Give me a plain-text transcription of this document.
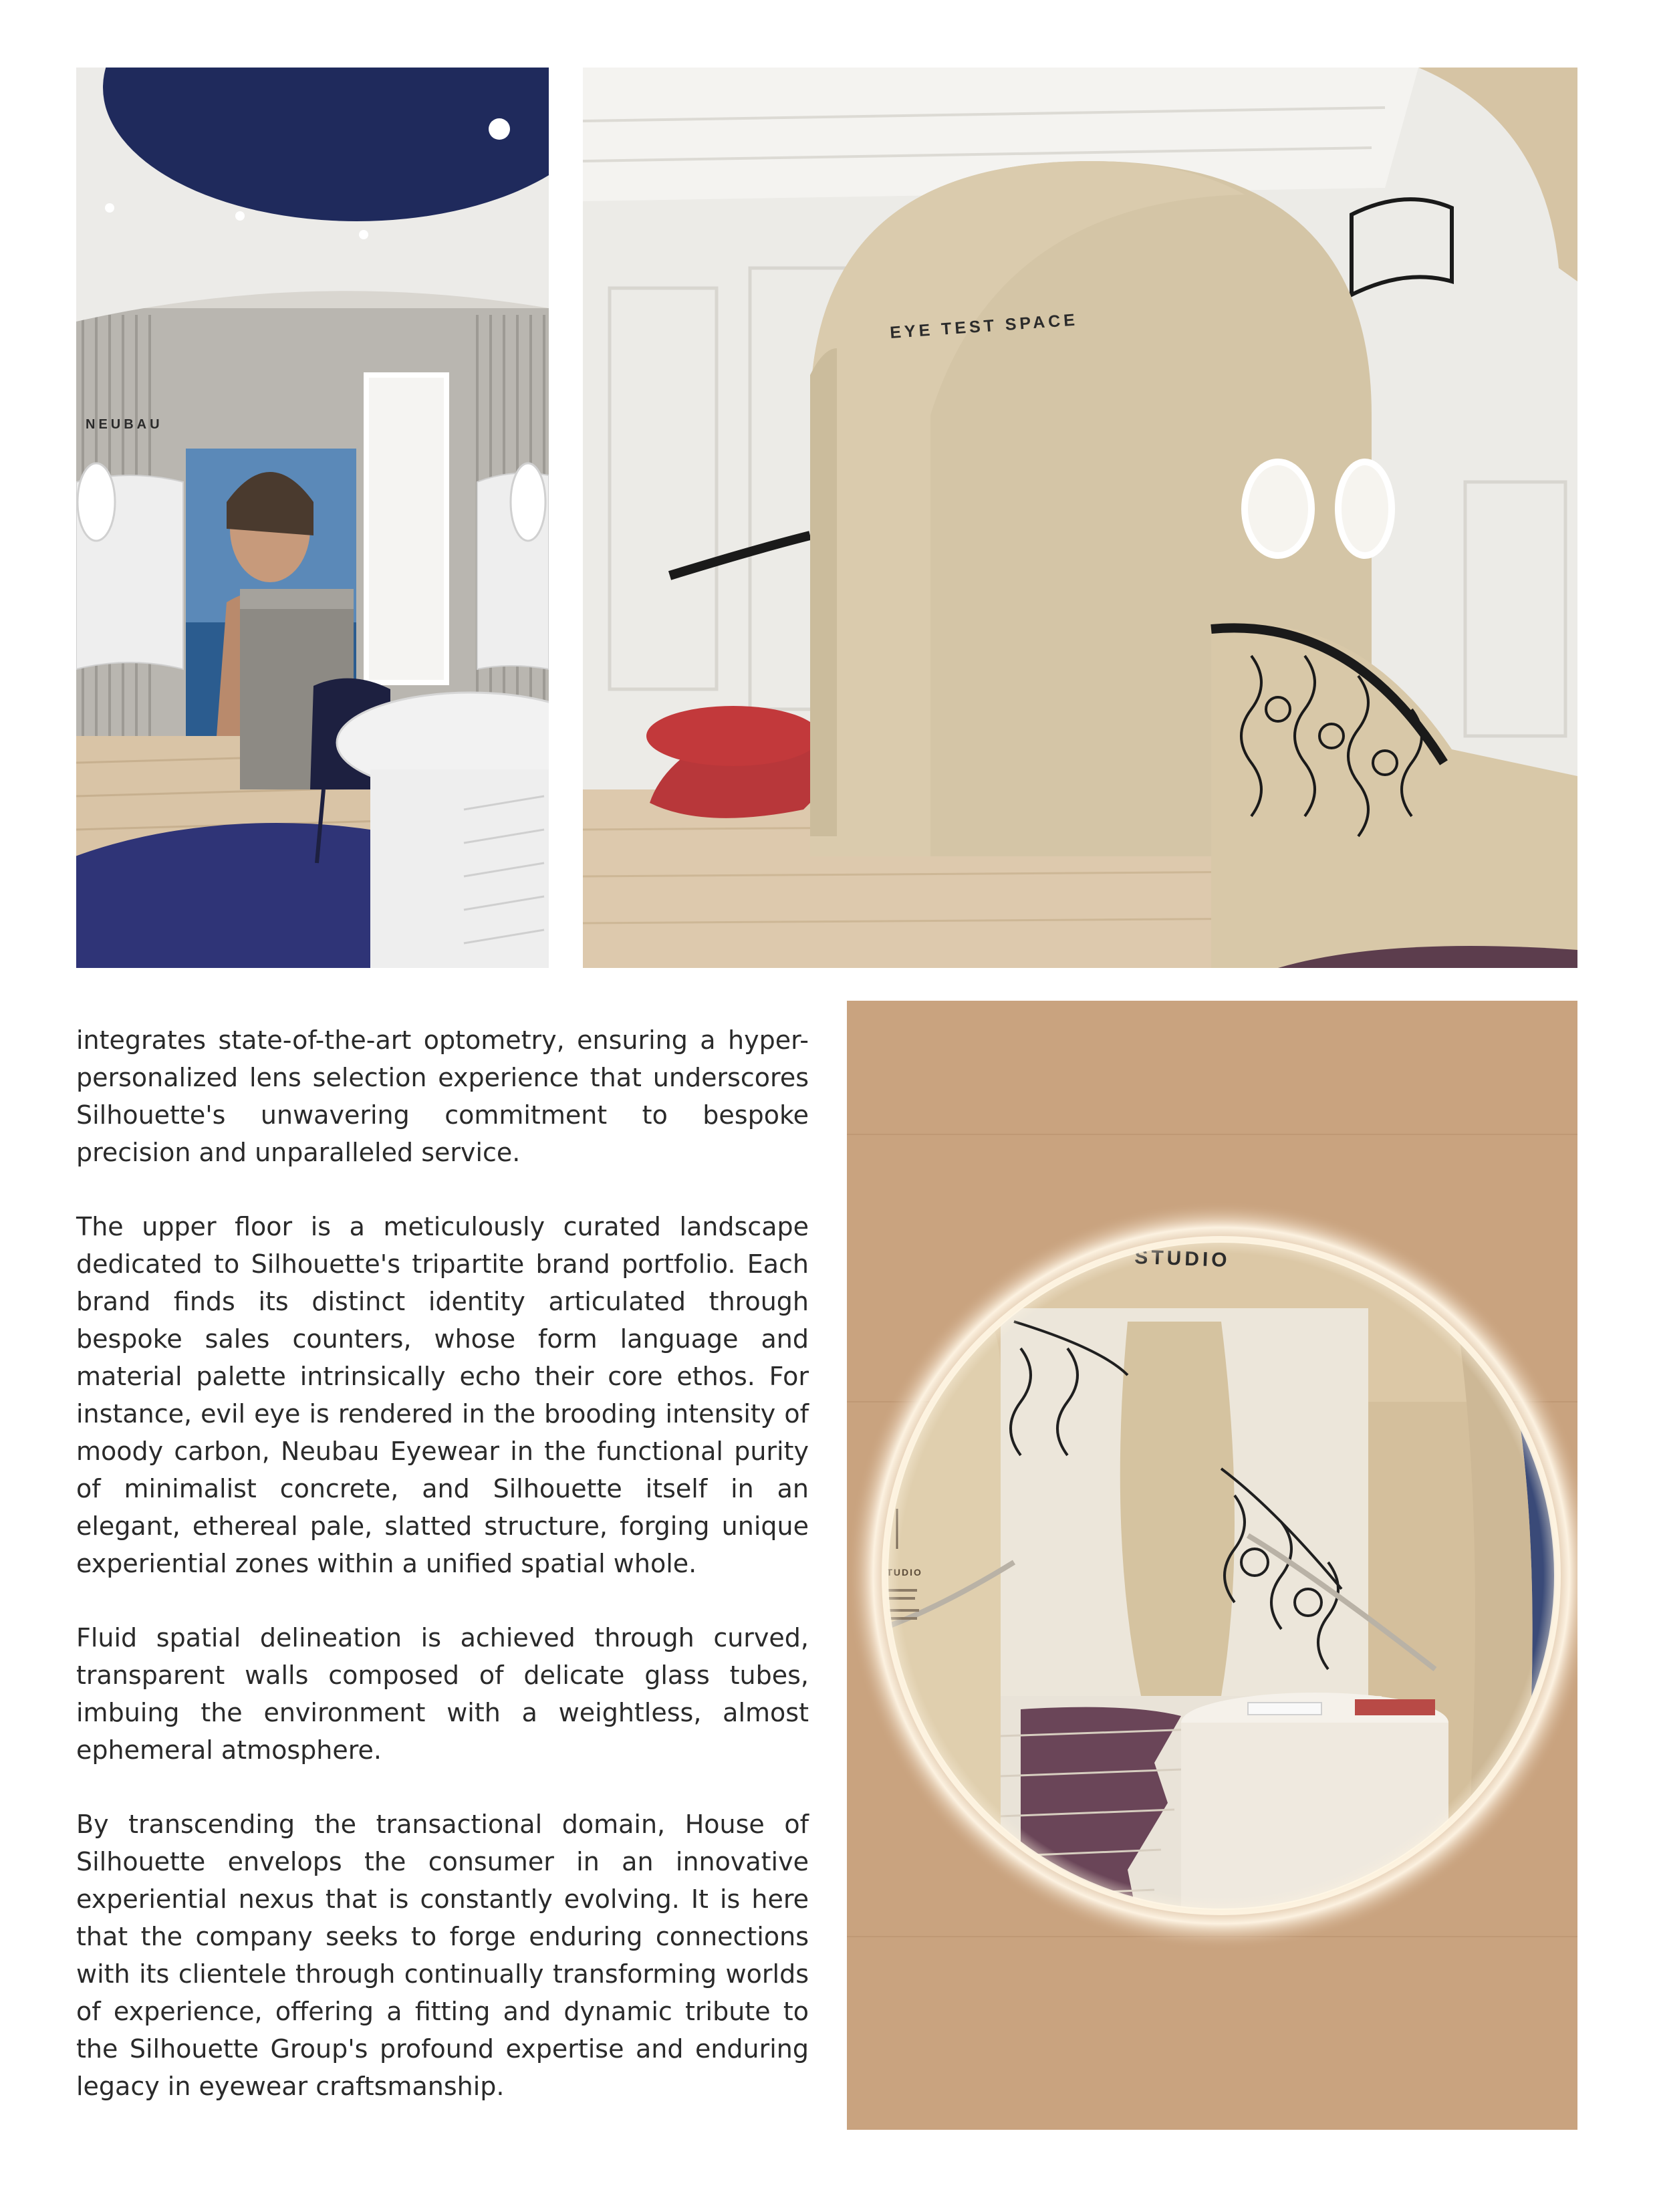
NEUBAU
EYE TEST SPACE

integrates state-of-the-art optometry, ensuring a hyper-personalized lens selection experience that underscores Silhouette's unwavering commitment to bespoke precision and unparalleled service.

The upper floor is a meticulously curated landscape dedicated to Silhouette's tripartite brand portfolio. Each brand finds its distinct identity articulated through bespoke sales counters, whose form language and material palette intrinsically echo their core ethos. For instance, evil eye is rendered in the brooding intensity of moody carbon, Neubau Eyewear in the functional purity of minimalist concrete, and Silhouette itself in an elegant, ethereal pale, slatted structure, forging unique experiential zones within a unified spatial whole.

Fluid spatial delineation is achieved through curved, transparent walls composed of delicate glass tubes, imbuing the environment with a weightless, almost ephemeral atmosphere.

By transcending the transactional domain, House of Silhouette envelops the consumer in an innovative experiential nexus that is constantly evolving. It is here that the company seeks to forge enduring connections with its clientele through continually transforming worlds of experience, offering a fitting and dynamic tribute to the Silhouette Group's profound expertise and enduring legacy in eyewear craftsmanship.
